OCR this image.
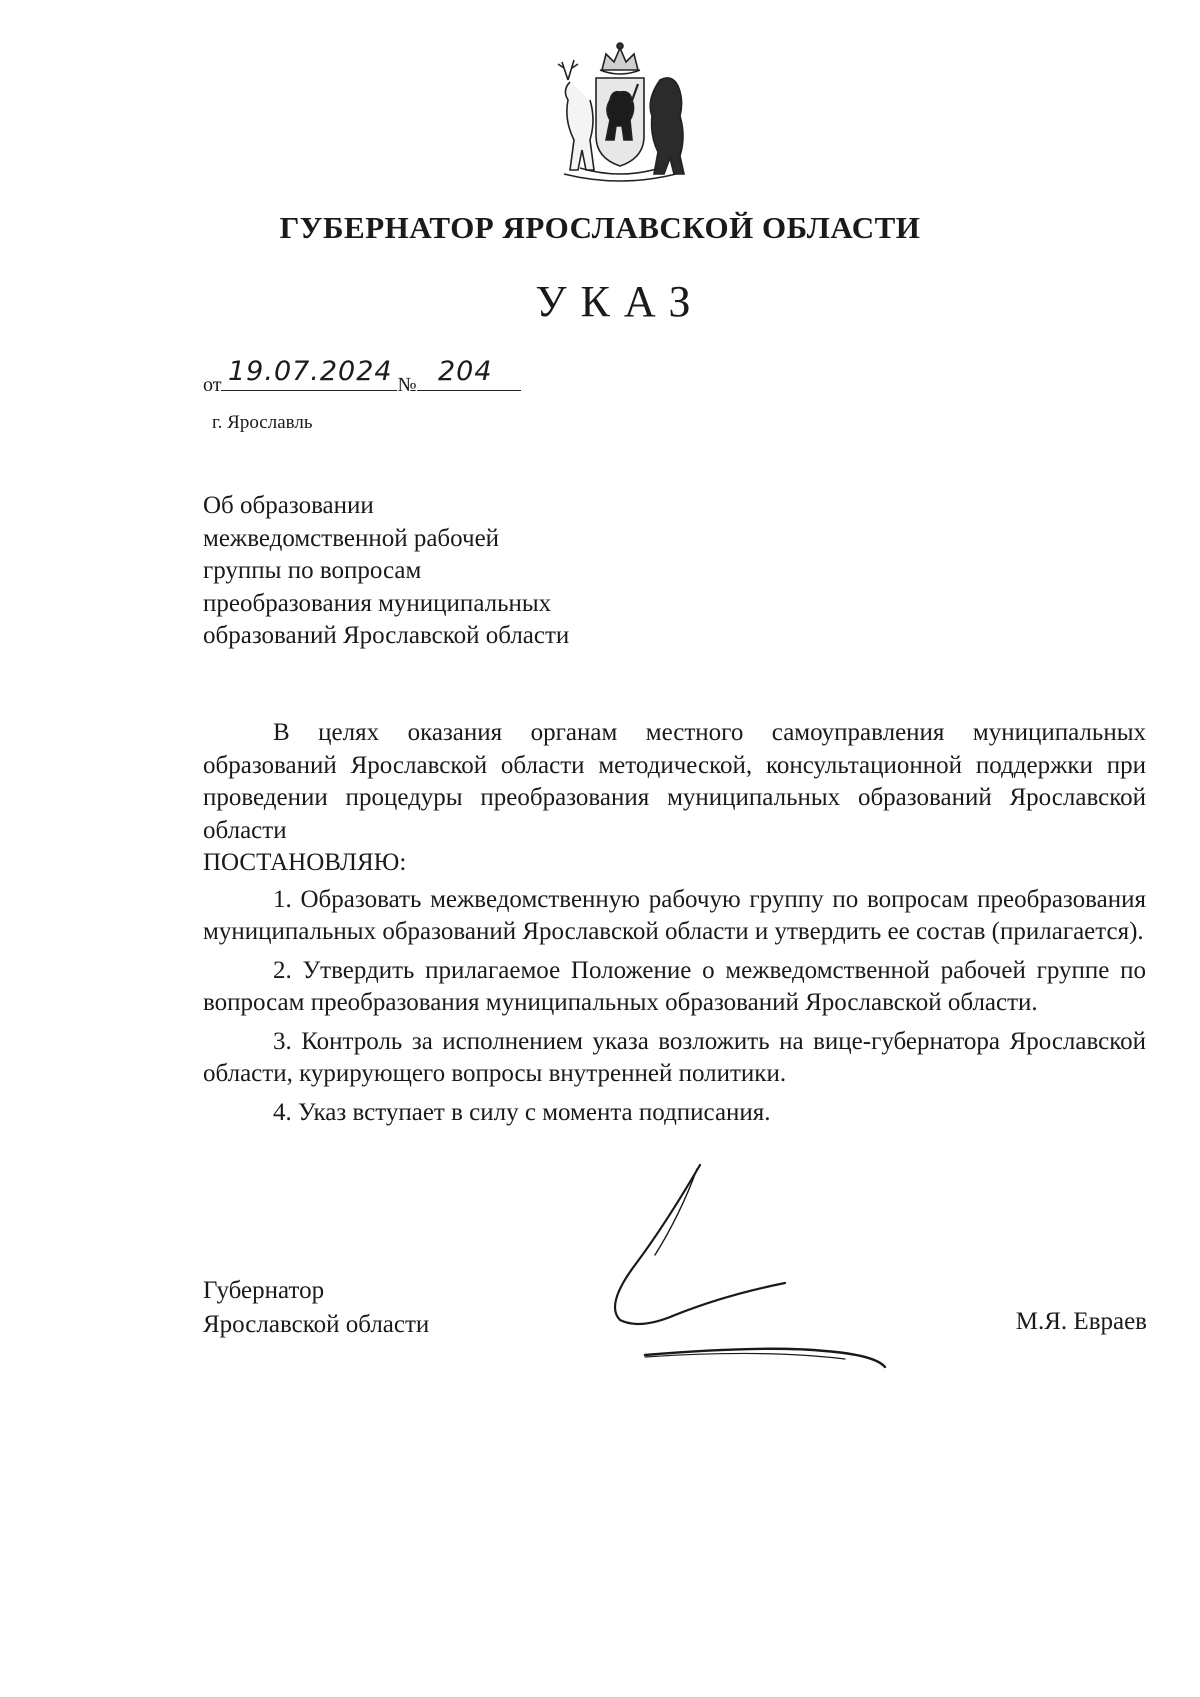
ГУБЕРНАТОР ЯРОСЛАВСКОЙ ОБЛАСТИ
УКАЗ
от	№
19.07.2024 204
г. Ярославль
Об образовании
межведомственной рабочей
группы по вопросам
преобразования муниципальных
образований Ярославской области

В целях оказания органам местного самоуправления муниципальных образований Ярославской области методической, консультационной поддержки при проведении процедуры преобразования муниципальных образований Ярославской области

ПОСТАНОВЛЯЮ:

1. Образовать межведомственную рабочую группу по вопросам преобразования муниципальных образований Ярославской области и утвердить ее состав (прилагается).

2. Утвердить прилагаемое Положение о межведомственной рабочей группе по вопросам преобразования муниципальных образований Ярославской области.

3. Контроль за исполнением указа возложить на вице-губернатора Ярославской области, курирующего вопросы внутренней политики.

4. Указ вступает в силу с момента подписания.

Губернатор
Ярославской области	М.Я. Евраев
